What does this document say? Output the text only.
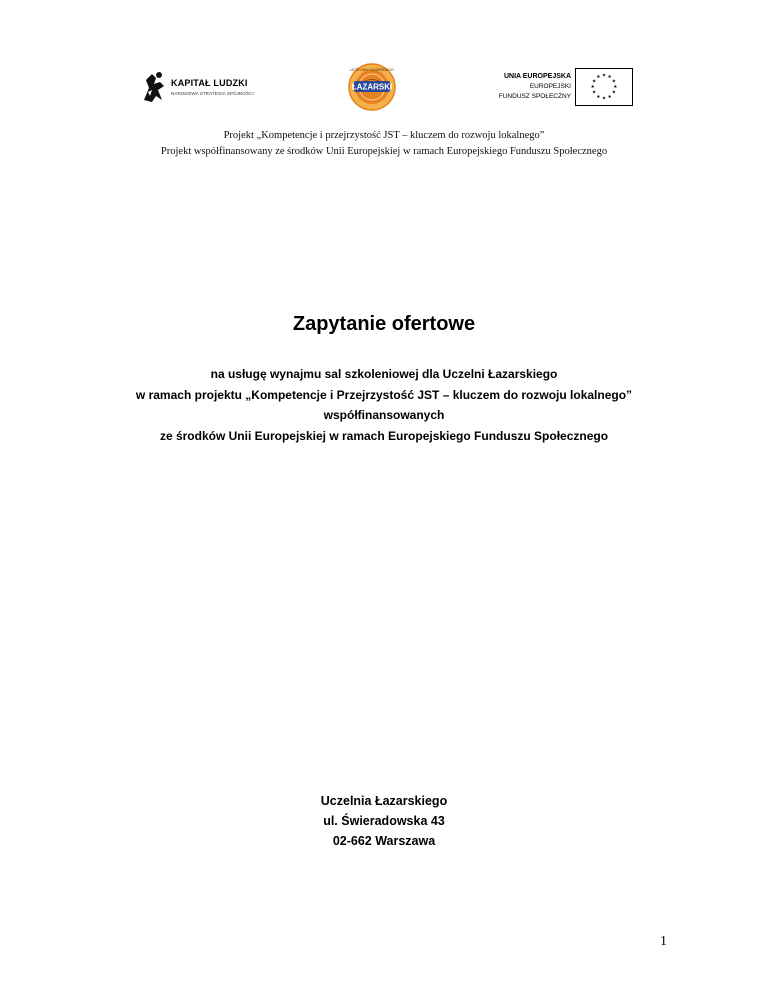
KAPITAŁ LUDZKI
NARODOWA STRATEGIA SPÓJNOŚCI
ŁAZARSKI
UCZELNIA ŁAZARSKIEGO
UNIA EUROPEJSKA
EUROPEJSKI
FUNDUSZ SPOŁECZNY
★ ★
★
★
★
★
★
★
★
★
★
★
Projekt „Kompetencje i przejrzystość JST – kluczem do rozwoju lokalnego”
Projekt współfinansowany ze środków Unii Europejskiej w ramach Europejskiego Funduszu Społecznego
Zapytanie ofertowe
na usługę wynajmu sal szkoleniowej dla Uczelni Łazarskiego
w ramach projektu „Kompetencje i Przejrzystość JST – kluczem do rozwoju lokalnego”
współfinansowanych
ze środków Unii Europejskiej w ramach Europejskiego Funduszu Społecznego
Uczelnia Łazarskiego
ul. Świeradowska 43
02-662 Warszawa
1
